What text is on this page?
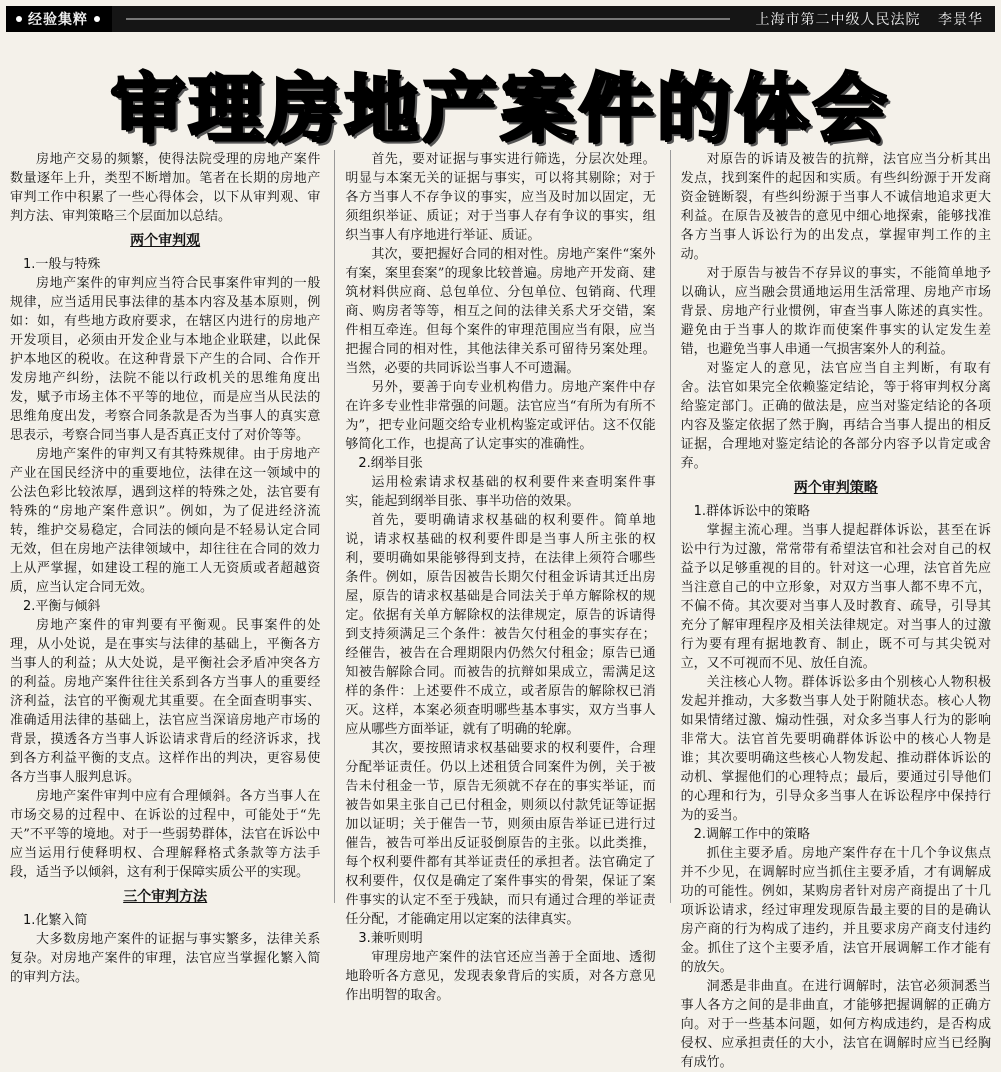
经验集粹	上海市第二中级人民法院 李景华
审理房地产案件的体会

房地产交易的频繁，使得法院受理的房地产案件数量逐年上升，类型不断增加。笔者在长期的房地产审判工作中积累了一些心得体会，以下从审判观、审判方法、审判策略三个层面加以总结。

两个审判观

1.一般与特殊

房地产案件的审判应当符合民事案件审判的一般规律，应当适用民事法律的基本内容及基本原则，例如：如，有些地方政府要求，在辖区内进行的房地产开发项目，必须由开发企业与本地企业联建，以此保护本地区的税收。在这种背景下产生的合同、合作开发房地产纠纷，法院不能以行政机关的思维角度出发，赋予市场主体不平等的地位，而是应当从民法的思维角度出发，考察合同条款是否为当事人的真实意思表示，考察合同当事人是否真正支付了对价等等。

房地产案件的审判又有其特殊规律。由于房地产产业在国民经济中的重要地位，法律在这一领域中的公法色彩比较浓厚，遇到这样的特殊之处，法官要有特殊的“房地产案件意识”。例如，为了促进经济流转，维护交易稳定，合同法的倾向是不轻易认定合同无效，但在房地产法律领域中，却往往在合同的效力上从严掌握，如建设工程的施工人无资质或者超越资质，应当认定合同无效。

2.平衡与倾斜

房地产案件的审判要有平衡观。民事案件的处理，从小处说，是在事实与法律的基础上，平衡各方当事人的利益；从大处说，是平衡社会矛盾冲突各方的利益。房地产案件往往关系到各方当事人的重要经济利益，法官的平衡观尤其重要。在全面查明事实、准确适用法律的基础上，法官应当深谙房地产市场的背景，摸透各方当事人诉讼请求背后的经济诉求，找到各方利益平衡的支点。这样作出的判决，更容易使各方当事人服判息诉。

房地产案件审判中应有合理倾斜。各方当事人在市场交易的过程中、在诉讼的过程中，可能处于“先天”不平等的境地。对于一些弱势群体，法官在诉讼中应当运用行使释明权、合理解释格式条款等方法手段，适当予以倾斜，这有利于保障实质公平的实现。

三个审判方法

1.化繁入简

大多数房地产案件的证据与事实繁多，法律关系复杂。对房地产案件的审理，法官应当掌握化繁入简的审判方法。

首先，要对证据与事实进行筛选，分层次处理。明显与本案无关的证据与事实，可以将其剔除；对于各方当事人不存争议的事实，应当及时加以固定，无须组织举证、质证；对于当事人存有争议的事实，组织当事人有序地进行举证、质证。

其次，要把握好合同的相对性。房地产案件“案外有案，案里套案”的现象比较普遍。房地产开发商、建筑材料供应商、总包单位、分包单位、包销商、代理商、购房者等等，相互之间的法律关系犬牙交错，案件相互牵连。但每个案件的审理范围应当有限，应当把握合同的相对性，其他法律关系可留待另案处理。当然，必要的共同诉讼当事人不可遗漏。

另外，要善于向专业机构借力。房地产案件中存在许多专业性非常强的问题。法官应当“有所为有所不为”，把专业问题交给专业机构鉴定或评估。这不仅能够简化工作，也提高了认定事实的准确性。

2.纲举目张

运用检索请求权基础的权利要件来查明案件事实，能起到纲举目张、事半功倍的效果。

首先，要明确请求权基础的权利要件。简单地说，请求权基础的权利要件即是当事人所主张的权利，要明确如果能够得到支持，在法律上须符合哪些条件。例如，原告因被告长期欠付租金诉请其迁出房屋，原告的请求权基础是合同法关于单方解除权的规定。依据有关单方解除权的法律规定，原告的诉请得到支持须满足三个条件：被告欠付租金的事实存在；经催告，被告在合理期限内仍然欠付租金；原告已通知被告解除合同。而被告的抗辩如果成立，需满足这样的条件：上述要件不成立，或者原告的解除权已消灭。这样，本案必须查明哪些基本事实，双方当事人应从哪些方面举证，就有了明确的轮廓。

其次，要按照请求权基础要求的权利要件，合理分配举证责任。仍以上述租赁合同案件为例，关于被告未付租金一节，原告无须就不存在的事实举证，而被告如果主张自己已付租金，则须以付款凭证等证据加以证明；关于催告一节，则须由原告举证已进行过催告，被告可举出反证驳倒原告的主张。以此类推，每个权利要件都有其举证责任的承担者。法官确定了权利要件，仅仅是确定了案件事实的骨架，保证了案件事实的认定不至于残缺，而只有通过合理的举证责任分配，才能确定用以定案的法律真实。

3.兼听则明

审理房地产案件的法官还应当善于全面地、透彻地聆听各方意见，发现表象背后的实质，对各方意见作出明智的取舍。

对原告的诉请及被告的抗辩，法官应当分析其出发点，找到案件的起因和实质。有些纠纷源于开发商资金链断裂，有些纠纷源于当事人不诚信地追求更大利益。在原告及被告的意见中细心地探索，能够找准各方当事人诉讼行为的出发点，掌握审判工作的主动。

对于原告与被告不存异议的事实，不能简单地予以确认，应当融会贯通地运用生活常理、房地产市场背景、房地产行业惯例，审查当事人陈述的真实性。避免由于当事人的欺诈而使案件事实的认定发生差错，也避免当事人串通一气损害案外人的利益。

对鉴定人的意见，法官应当自主判断，有取有舍。法官如果完全依赖鉴定结论，等于将审判权分离给鉴定部门。正确的做法是，应当对鉴定结论的各项内容及鉴定依据了然于胸，再结合当事人提出的相反证据，合理地对鉴定结论的各部分内容予以肯定或舍弃。

两个审判策略

1.群体诉讼中的策略

掌握主流心理。当事人提起群体诉讼，甚至在诉讼中行为过激，常常带有希望法官和社会对自己的权益予以足够重视的目的。针对这一心理，法官首先应当注意自己的中立形象，对双方当事人都不卑不亢，不偏不倚。其次要对当事人及时教育、疏导，引导其充分了解审理程序及相关法律规定。对当事人的过激行为要有理有据地教育、制止，既不可与其尖锐对立，又不可视而不见、放任自流。

关注核心人物。群体诉讼多由个别核心人物积极发起并推动，大多数当事人处于附随状态。核心人物如果情绪过激、煽动性强，对众多当事人行为的影响非常大。法官首先要明确群体诉讼中的核心人物是谁；其次要明确这些核心人物发起、推动群体诉讼的动机、掌握他们的心理特点；最后，要通过引导他们的心理和行为，引导众多当事人在诉讼程序中保持行为的妥当。

2.调解工作中的策略

抓住主要矛盾。房地产案件存在十几个争议焦点并不少见，在调解时应当抓住主要矛盾，才有调解成功的可能性。例如，某购房者针对房产商提出了十几项诉讼请求，经过审理发现原告最主要的目的是确认房产商的行为构成了违约，并且要求房产商支付违约金。抓住了这个主要矛盾，法官开展调解工作才能有的放矢。

洞悉是非曲直。在进行调解时，法官必须洞悉当事人各方之间的是非曲直，才能够把握调解的正确方向。对于一些基本问题，如何方构成违约，是否构成侵权、应承担责任的大小，法官在调解时应当已经胸有成竹。
